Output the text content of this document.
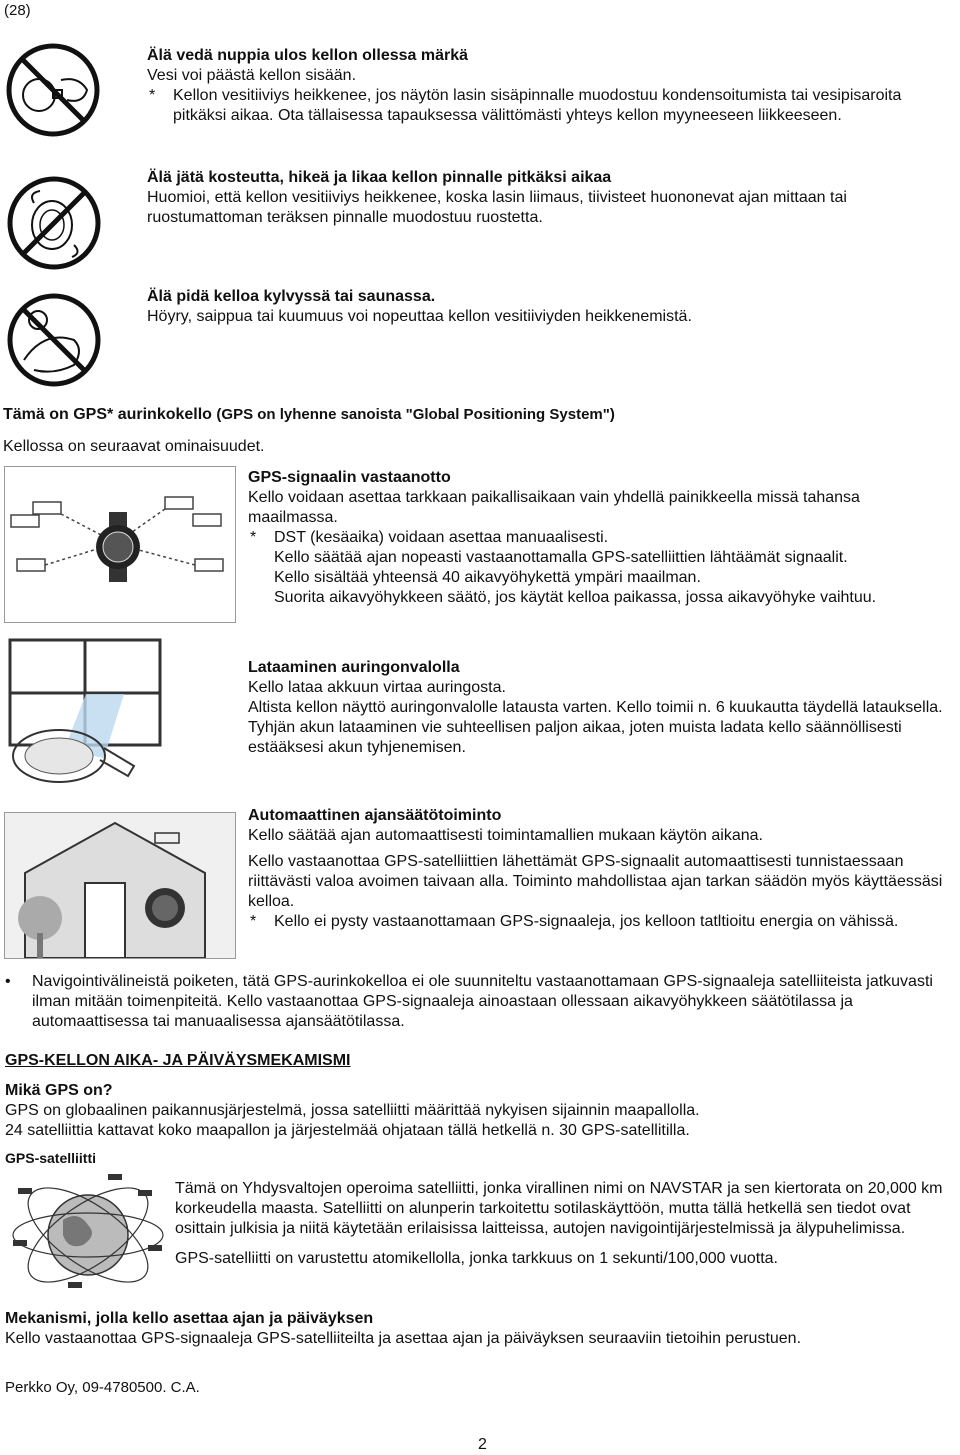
(28)
Älä vedä nuppia ulos kellon ollessa märkä
Vesi voi päästä kellon sisään.
* Kellon vesitiiviys heikkenee, jos näytön lasin sisäpinnalle muodostuu kondensoitumista tai vesipisaroita pitkäksi aikaa. Ota tällaisessa tapauksessa välittömästi yhteys kellon myyneeseen liikkeeseen.
Älä jätä kosteutta, hikeä ja likaa kellon pinnalle pitkäksi aikaa
Huomioi, että kellon vesitiiviys heikkenee, koska lasin liimaus, tiivisteet huononevat ajan mittaan tai ruostumattoman teräksen pinnalle muodostuu ruostetta.
Älä pidä kelloa kylvyssä tai saunassa.
Höyry, saippua tai kuumuus voi nopeuttaa kellon vesitiiviyden heikkenemistä.
Tämä on GPS* aurinkokello (GPS on lyhenne sanoista "Global Positioning System")
Kellossa on seuraavat ominaisuudet.
GPS-signaalin vastaanotto
Kello voidaan asettaa tarkkaan paikallisaikaan vain yhdellä painikkeella missä tahansa maailmassa.
* DST (kesäaika) voidaan asettaa manuaalisesti.
Kello säätää ajan nopeasti vastaanottamalla GPS-satelliittien lähtäämät signaalit.
Kello sisältää yhteensä 40 aikavyöhykettä ympäri maailman.
Suorita aikavyöhykkeen säätö, jos käytät kelloa paikassa, jossa aikavyöhyke vaihtuu.
Lataaminen auringonvalolla
Kello lataa akkuun virtaa auringosta.
Altista kellon näyttö auringonvalolle latausta varten. Kello toimii n. 6 kuukautta täydellä latauksella.
Tyhjän akun lataaminen vie suhteellisen paljon aikaa, joten muista ladata kello säännöllisesti estääksesi akun tyhjenemisen.
Automaattinen ajansäätötoiminto
Kello säätää ajan automaattisesti toimintamallien mukaan käytön aikana.
Kello vastaanottaa GPS-satelliittien lähettämät GPS-signaalit automaattisesti tunnistaessaan riittävästi valoa avoimen taivaan alla. Toiminto mahdollistaa ajan tarkan säädön myös käyttäessäsi kelloa.
* Kello ei pysty vastaanottamaan GPS-signaaleja, jos kelloon tatltioitu energia on vähissä.
• Navigointivälineistä poiketen, tätä GPS-aurinkokelloa ei ole suunniteltu vastaanottamaan GPS-signaaleja satelliiteista jatkuvasti ilman mitään toimenpiteitä. Kello vastaanottaa GPS-signaaleja ainoastaan ollessaan aikavyöhykkeen säätötilassa ja automaattisessa tai manuaalisessa ajansäätötilassa.
GPS-KELLON AIKA- JA PÄIVÄYSMEKAMISMI
Mikä GPS on?
GPS on globaalinen paikannusjärjestelmä, jossa satelliitti määrittää nykyisen sijainnin maapallolla.
24 satelliittia kattavat koko maapallon ja järjestelmää ohjataan tällä hetkellä n. 30 GPS-satellitilla.
GPS-satelliitti
Tämä on Yhdysvaltojen operoima satelliitti, jonka virallinen nimi on NAVSTAR ja sen kiertorata on 20,000 km korkeudella maasta. Satelliitti on alunperin tarkoitettu sotilaskäyttöön, mutta tällä hetkellä sen tiedot ovat osittain julkisia ja niitä käytetään erilaisissa laitteissa, autojen navigointijärjestelmissä ja älypuhelimissa.
GPS-satelliitti on varustettu atomikellolla, jonka tarkkuus on 1 sekunti/100,000 vuotta.
Mekanismi, jolla kello asettaa ajan ja päiväyksen
Kello vastaanottaa GPS-signaaleja GPS-satelliiteilta ja asettaa ajan ja päiväyksen seuraaviin tietoihin perustuen.
Perkko Oy, 09-4780500. C.A.
2
